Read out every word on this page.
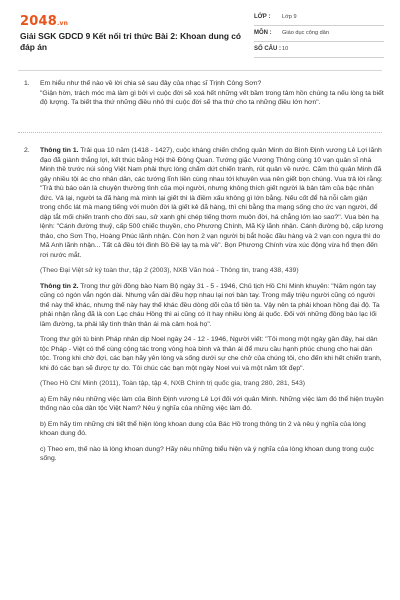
2048.vn
Giải SGK GDCD 9 Kết nối tri thức Bài 2: Khoan dung có đáp án
LỚP : Lớp 9
MÔN : Giáo dục công dân
SỐ CÂU : 10
1. Em hiểu như thế nào về lời chia sẻ sau đây của nhạc sĩ Trịnh Công Sơn?
"Giận hờn, trách móc mà làm gì bởi vì cuộc đời sẽ xoá hết những vết bầm trong tâm hồn chúng ta nếu lòng ta biết độ lượng. Ta biết tha thứ những điều nhỏ thì cuộc đời sẽ tha thứ cho ta những điều lớn hơn".
2. Thông tin 1. Trải qua 10 năm (1418 - 1427), cuộc kháng chiến chống quân Minh do Bình Định vương Lê Lợi lãnh đạo đã giành thắng lợi, kết thúc bằng Hội thề Đông Quan. Tướng giặc Vương Thông cùng 10 vạn quân sĩ nhà Minh thề trước núi sông Việt Nam phải thực lòng chấm dứt chiến tranh, rút quân về nước. Căm thù quân Minh đã gây nhiều tội ác cho nhân dân, các tướng lĩnh liền cùng nhau tới khuyên vua nên giết bọn chúng. Vua trả lời rằng: "Trả thù báo oán là chuyện thường tình của mọi người, nhưng không thích giết người là bản tâm của bậc nhân đức. Vả lại, người ta đã hàng mà mình lại giết thì là điềm xấu không gì lớn bằng. Nếu cốt để hả nỗi căm giận trong chốc lát mà mang tiếng với muôn đời là giết kẻ đã hàng, thì chi bằng tha mạng sống cho ức vạn người, để dập tắt mối chiến tranh cho đời sau, sử xanh ghi chép tiếng thơm muôn đời, há chẳng lớn lao sao?". Vua bèn hạ lệnh: "Cánh đường thuỷ, cấp 500 chiếc thuyền, cho Phương Chính, Mã Kỳ lãnh nhận. Cánh đường bộ, cấp lương thảo, cho Sơn Thọ, Hoàng Phúc lãnh nhận. Còn hơn 2 vạn người bị bắt hoặc đầu hàng và 2 vạn con ngựa thì do Mã Anh lãnh nhận... Tất cả đều tới đinh Bồ Đề lạy tạ mà về". Bọn Phương Chính vừa xúc động vừa hổ thẹn đến rơi nước mắt.
(Theo Đại Việt sử ký toàn thư, tập 2 (2003), NXB Văn hoá - Thông tin, trang 438, 439)
Thông tin 2. Trong thư gửi đồng bào Nam Bộ ngày 31 - 5 - 1946, Chủ tịch Hồ Chí Minh khuyên: "Năm ngón tay cũng có ngón vắn ngón dài. Nhưng vắn dài đều hợp nhau lại nơi bàn tay. Trong mấy triệu người cũng có người thế này thế khác, nhưng thế này hay thế khác đều dòng dõi của tổ tiên ta. Vậy nên ta phải khoan hồng đại độ. Ta phải nhận rằng đã là con Lạc cháu Hồng thì ai cũng có ít hay nhiều lòng ái quốc. Đối với những đồng bào lạc lối lầm đường, ta phải lấy tình thân thân ái mà cảm hoá họ".
Trong thư gửi tù binh Pháp nhân dịp Noel ngày 24 - 12 - 1946, Người viết: "Tôi mong một ngày gần đây, hai dân tộc Pháp - Việt có thể cùng cộng tác trong vòng hoà bình và thân ái để mưu cầu hạnh phúc chung cho hai dân tộc. Trong khi chờ đợi, các bạn hãy yên lòng và sống dưới sự che chở của chúng tôi, cho đến khi hết chiến tranh, khi đó các bạn sẽ được tự do. Tôi chúc các bạn một ngày Noel vui và một năm tốt đẹp".
(Theo Hồ Chí Minh (2011), Toàn tập, tập 4, NXB Chính trị quốc gia, trang 280, 281, 543)
a) Em hãy nêu những việc làm của Bình Định vương Lê Lợi đối với quân Minh. Những việc làm đó thể hiện truyền thống nào của dân tộc Việt Nam? Nêu ý nghĩa của những việc làm đó.
b) Em hãy tìm những chi tiết thể hiện lòng khoan dung của Bác Hồ trong thông tin 2 và nêu ý nghĩa của lòng khoan dung đó.
c) Theo em, thế nào là lòng khoan dung? Hãy nêu những biểu hiện và ý nghĩa của lòng khoan dung trong cuộc sống.
